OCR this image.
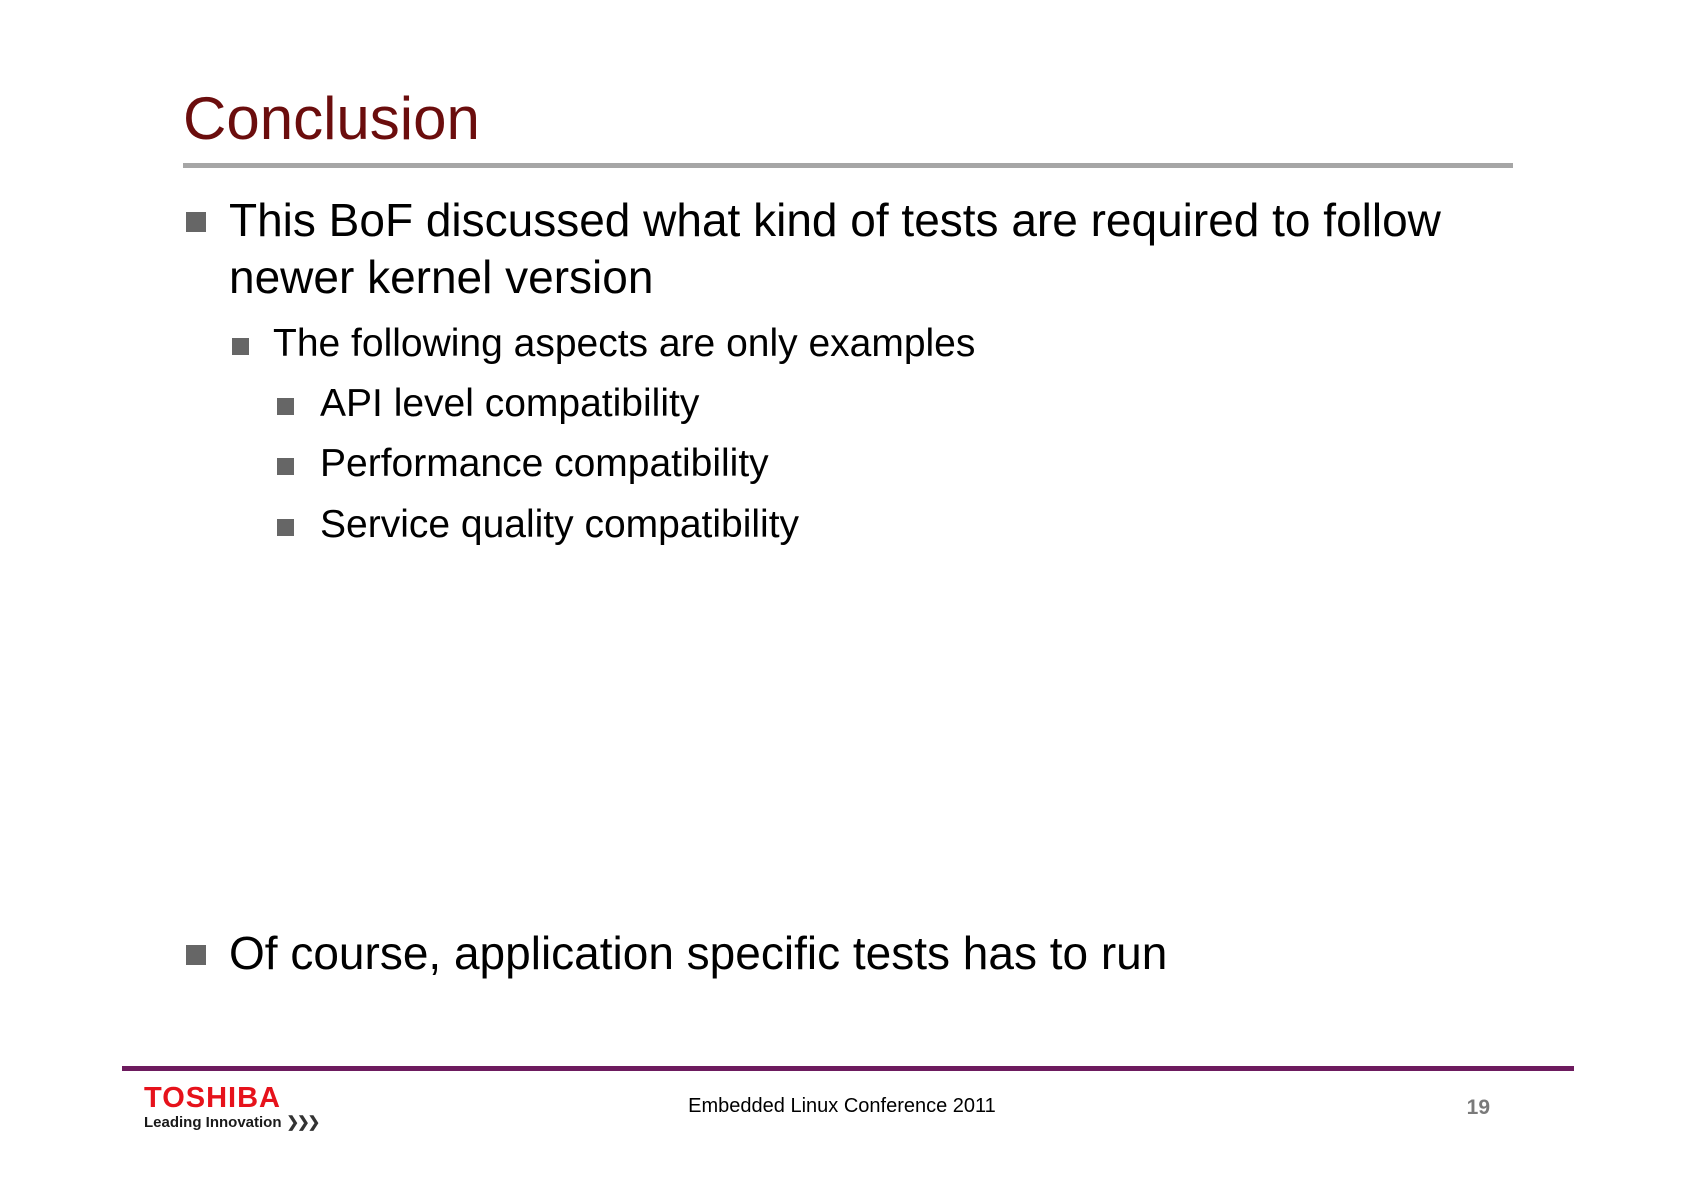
Conclusion
This BoF discussed what kind of tests are required to follow
newer kernel version
The following aspects are only examples
API level compatibility
Performance compatibility
Service quality compatibility
Of course, application specific tests has to run
TOSHIBA
Leading Innovation ❯❯❯
Embedded Linux Conference 2011	19
